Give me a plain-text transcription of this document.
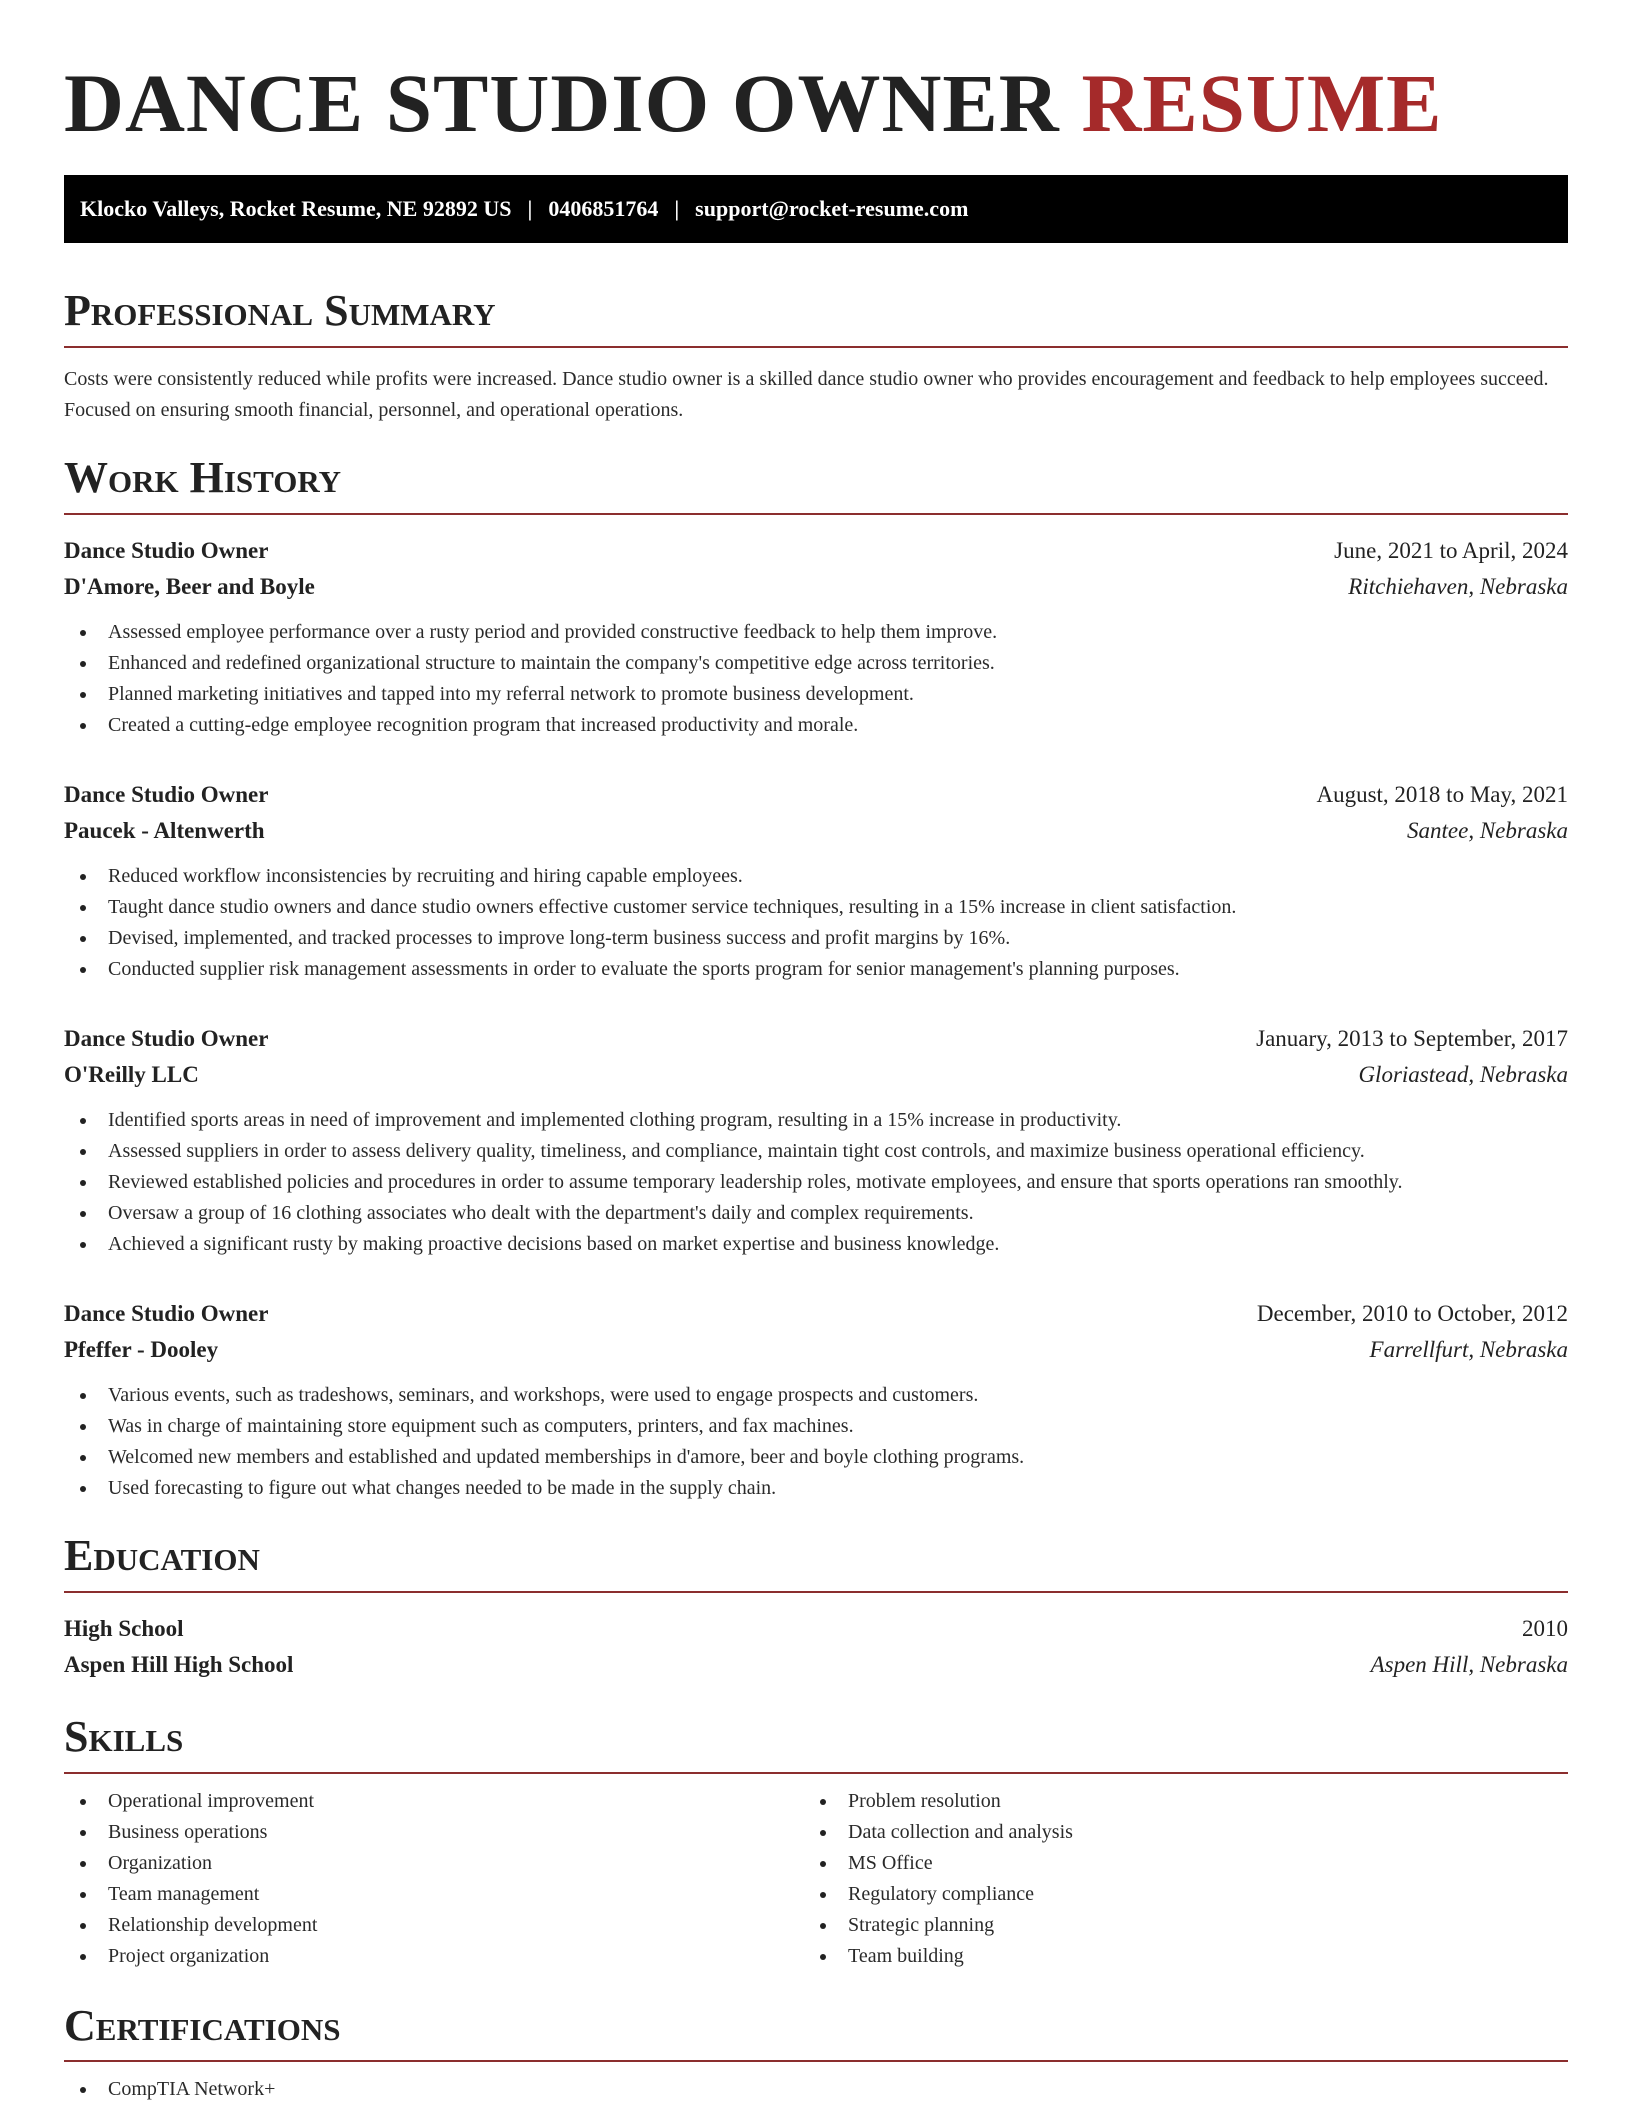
DANCE STUDIO OWNER RESUME
Klocko Valleys, Rocket Resume, NE 92892 US | 0406851764 | support@rocket-resume.com
Professional Summary

Costs were consistently reduced while profits were increased. Dance studio owner is a skilled dance studio owner who provides encouragement and feedback to help employees succeed. Focused on ensuring smooth financial, personnel, and operational operations.

Work History
Dance Studio Owner	June, 2021 to April, 2024
D'Amore, Beer and Boyle	Ritchiehaven, Nebraska
Assessed employee performance over a rusty period and provided constructive feedback to help them improve.
Enhanced and redefined organizational structure to maintain the company's competitive edge across territories.
Planned marketing initiatives and tapped into my referral network to promote business development.
Created a cutting-edge employee recognition program that increased productivity and morale.
Dance Studio Owner	August, 2018 to May, 2021
Paucek - Altenwerth	Santee, Nebraska
Reduced workflow inconsistencies by recruiting and hiring capable employees.
Taught dance studio owners and dance studio owners effective customer service techniques, resulting in a 15% increase in client satisfaction.
Devised, implemented, and tracked processes to improve long-term business success and profit margins by 16%.
Conducted supplier risk management assessments in order to evaluate the sports program for senior management's planning purposes.
Dance Studio Owner	January, 2013 to September, 2017
O'Reilly LLC	Gloriastead, Nebraska
Identified sports areas in need of improvement and implemented clothing program, resulting in a 15% increase in productivity.
Assessed suppliers in order to assess delivery quality, timeliness, and compliance, maintain tight cost controls, and maximize business operational efficiency.
Reviewed established policies and procedures in order to assume temporary leadership roles, motivate employees, and ensure that sports operations ran smoothly.
Oversaw a group of 16 clothing associates who dealt with the department's daily and complex requirements.
Achieved a significant rusty by making proactive decisions based on market expertise and business knowledge.
Dance Studio Owner	December, 2010 to October, 2012
Pfeffer - Dooley	Farrellfurt, Nebraska
Various events, such as tradeshows, seminars, and workshops, were used to engage prospects and customers.
Was in charge of maintaining store equipment such as computers, printers, and fax machines.
Welcomed new members and established and updated memberships in d'amore, beer and boyle clothing programs.
Used forecasting to figure out what changes needed to be made in the supply chain.
Education
High School	2010
Aspen Hill High School	Aspen Hill, Nebraska
Skills
Operational improvement
Business operations
Organization
Team management
Relationship development
Project organization
Problem resolution
Data collection and analysis
MS Office
Regulatory compliance
Strategic planning
Team building
Certifications
CompTIA Network+
